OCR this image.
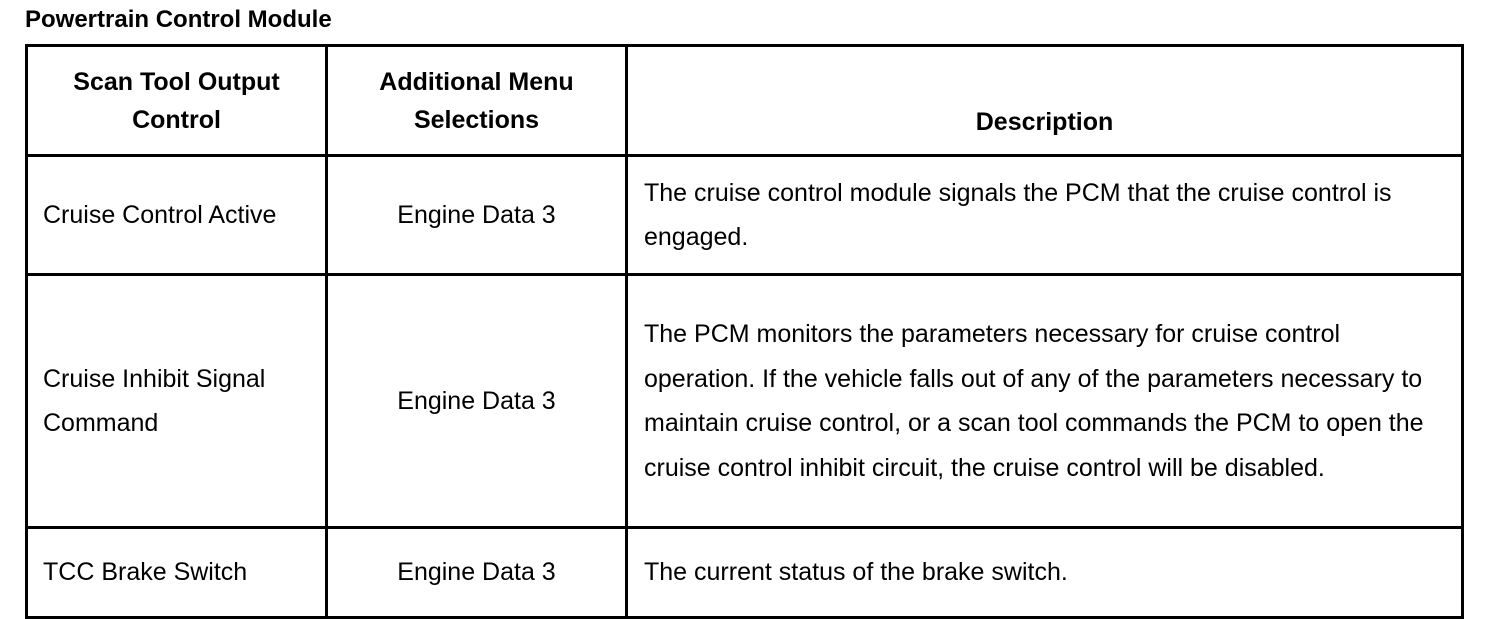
Powertrain Control Module
Scan Tool Output Control	Additional Menu Selections	Description
Cruise Control Active	Engine Data 3	The cruise control module signals the PCM that the cruise control is engaged.
Cruise Inhibit Signal Command	Engine Data 3	The PCM monitors the parameters necessary for cruise control operation. If the vehicle falls out of any of the parameters necessary to maintain cruise control, or a scan tool commands the PCM to open the cruise control inhibit circuit, the cruise control will be disabled.
TCC Brake Switch	Engine Data 3	The current status of the brake switch.
